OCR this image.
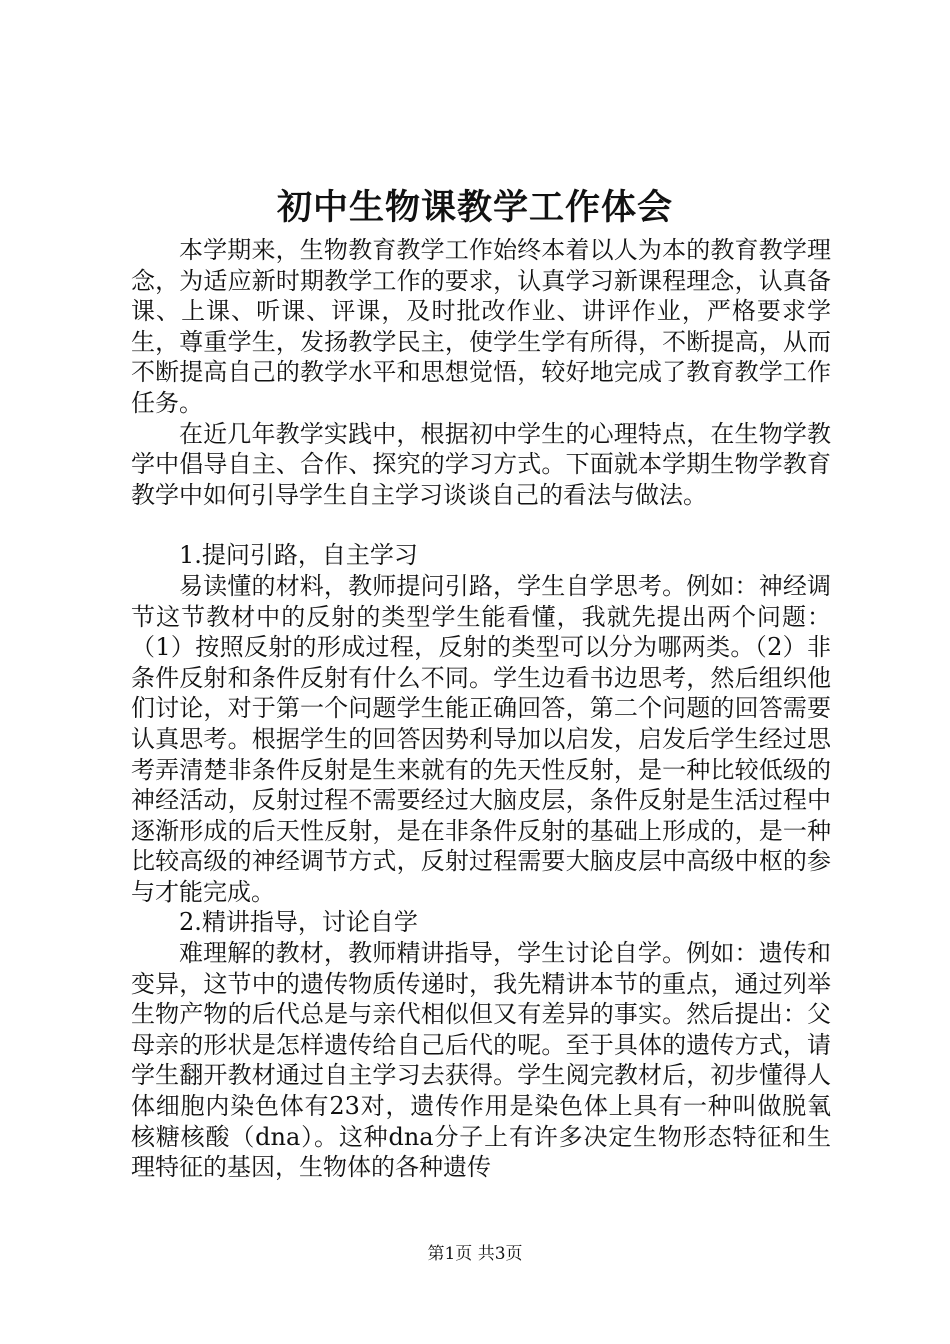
初中生物课教学工作体会

本学期来，生物教育教学工作始终本着以人为本的教育教学理念，为适应新时期教学工作的要求，认真学习新课程理念，认真备课、上课、听课、评课，及时批改作业、讲评作业，严格要求学生，尊重学生，发扬教学民主，使学生学有所得，不断提高，从而不断提高自己的教学水平和思想觉悟，较好地完成了教育教学工作任务。

在近几年教学实践中，根据初中学生的心理特点，在生物学教学中倡导自主、合作、探究的学习方式。下面就本学期生物学教育教学中如何引导学生自主学习谈谈自己的看法与做法。

1.提问引路，自主学习

易读懂的材料，教师提问引路，学生自学思考。例如：神经调节这节教材中的反射的类型学生能看懂，我就先提出两个问题：（1）按照反射的形成过程，反射的类型可以分为哪两类。（2）非条件反射和条件反射有什么不同。学生边看书边思考，然后组织他们讨论，对于第一个问题学生能正确回答，第二个问题的回答需要认真思考。根据学生的回答因势利导加以启发，启发后学生经过思考弄清楚非条件反射是生来就有的先天性反射，是一种比较低级的神经活动，反射过程不需要经过大脑皮层，条件反射是生活过程中逐渐形成的后天性反射，是在非条件反射的基础上形成的，是一种比较高级的神经调节方式，反射过程需要大脑皮层中高级中枢的参与才能完成。

2.精讲指导，讨论自学

难理解的教材，教师精讲指导，学生讨论自学。例如：遗传和变异，这节中的遗传物质传递时，我先精讲本节的重点，通过列举生物产物的后代总是与亲代相似但又有差异的事实。然后提出：父母亲的形状是怎样遗传给自己后代的呢。至于具体的遗传方式，请学生翻开教材通过自主学习去获得。学生阅完教材后，初步懂得人体细胞内染色体有23对，遗传作用是染色体上具有一种叫做脱氧核糖核酸（dna）。这种dna分子上有许多决定生物形态特征和生理特征的基因，生物体的各种遗传

第1页 共3页
